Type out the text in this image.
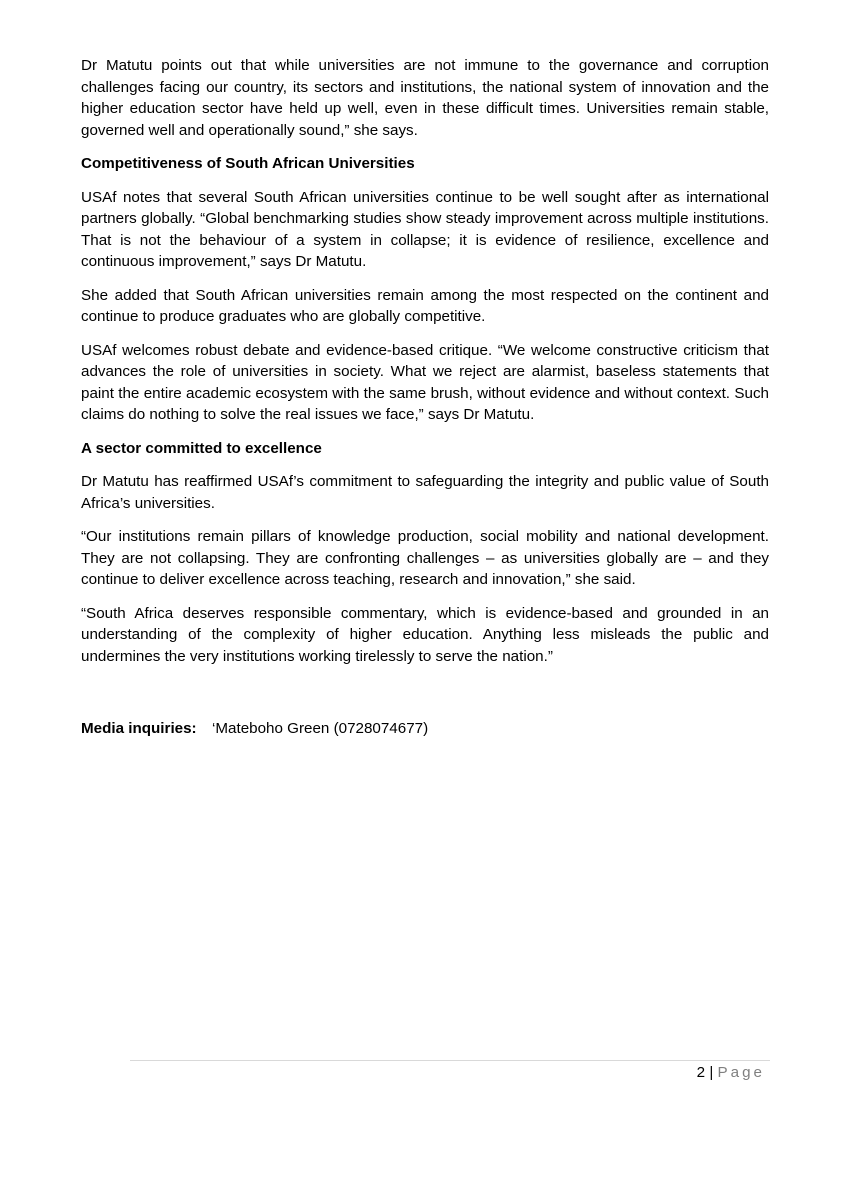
Dr Matutu points out that while universities are not immune to the governance and corruption challenges facing our country, its sectors and institutions, the national system of innovation and the higher education sector have held up well, even in these difficult times. Universities remain stable, governed well and operationally sound,” she says.

Competitiveness of South African Universities

USAf notes that several South African universities continue to be well sought after as international partners globally. “Global benchmarking studies show steady improvement across multiple institutions. That is not the behaviour of a system in collapse; it is evidence of resilience, excellence and continuous improvement,” says Dr Matutu.

She added that South African universities remain among the most respected on the continent and continue to produce graduates who are globally competitive.

USAf welcomes robust debate and evidence-based critique. “We welcome constructive criticism that advances the role of universities in society. What we reject are alarmist, baseless statements that paint the entire academic ecosystem with the same brush, without evidence and without context. Such claims do nothing to solve the real issues we face,” says Dr Matutu.

A sector committed to excellence

Dr Matutu has reaffirmed USAf’s commitment to safeguarding the integrity and public value of South Africa’s universities.

“Our institutions remain pillars of knowledge production, social mobility and national development. They are not collapsing. They are confronting challenges – as universities globally are – and they continue to deliver excellence across teaching, research and innovation,” she said.

“South Africa deserves responsible commentary, which is evidence-based and grounded in an understanding of the complexity of higher education. Anything less misleads the public and undermines the very institutions working tirelessly to serve the nation.”

Media inquiries: ‘Mateboho Green (0728074677)
2 | Page
